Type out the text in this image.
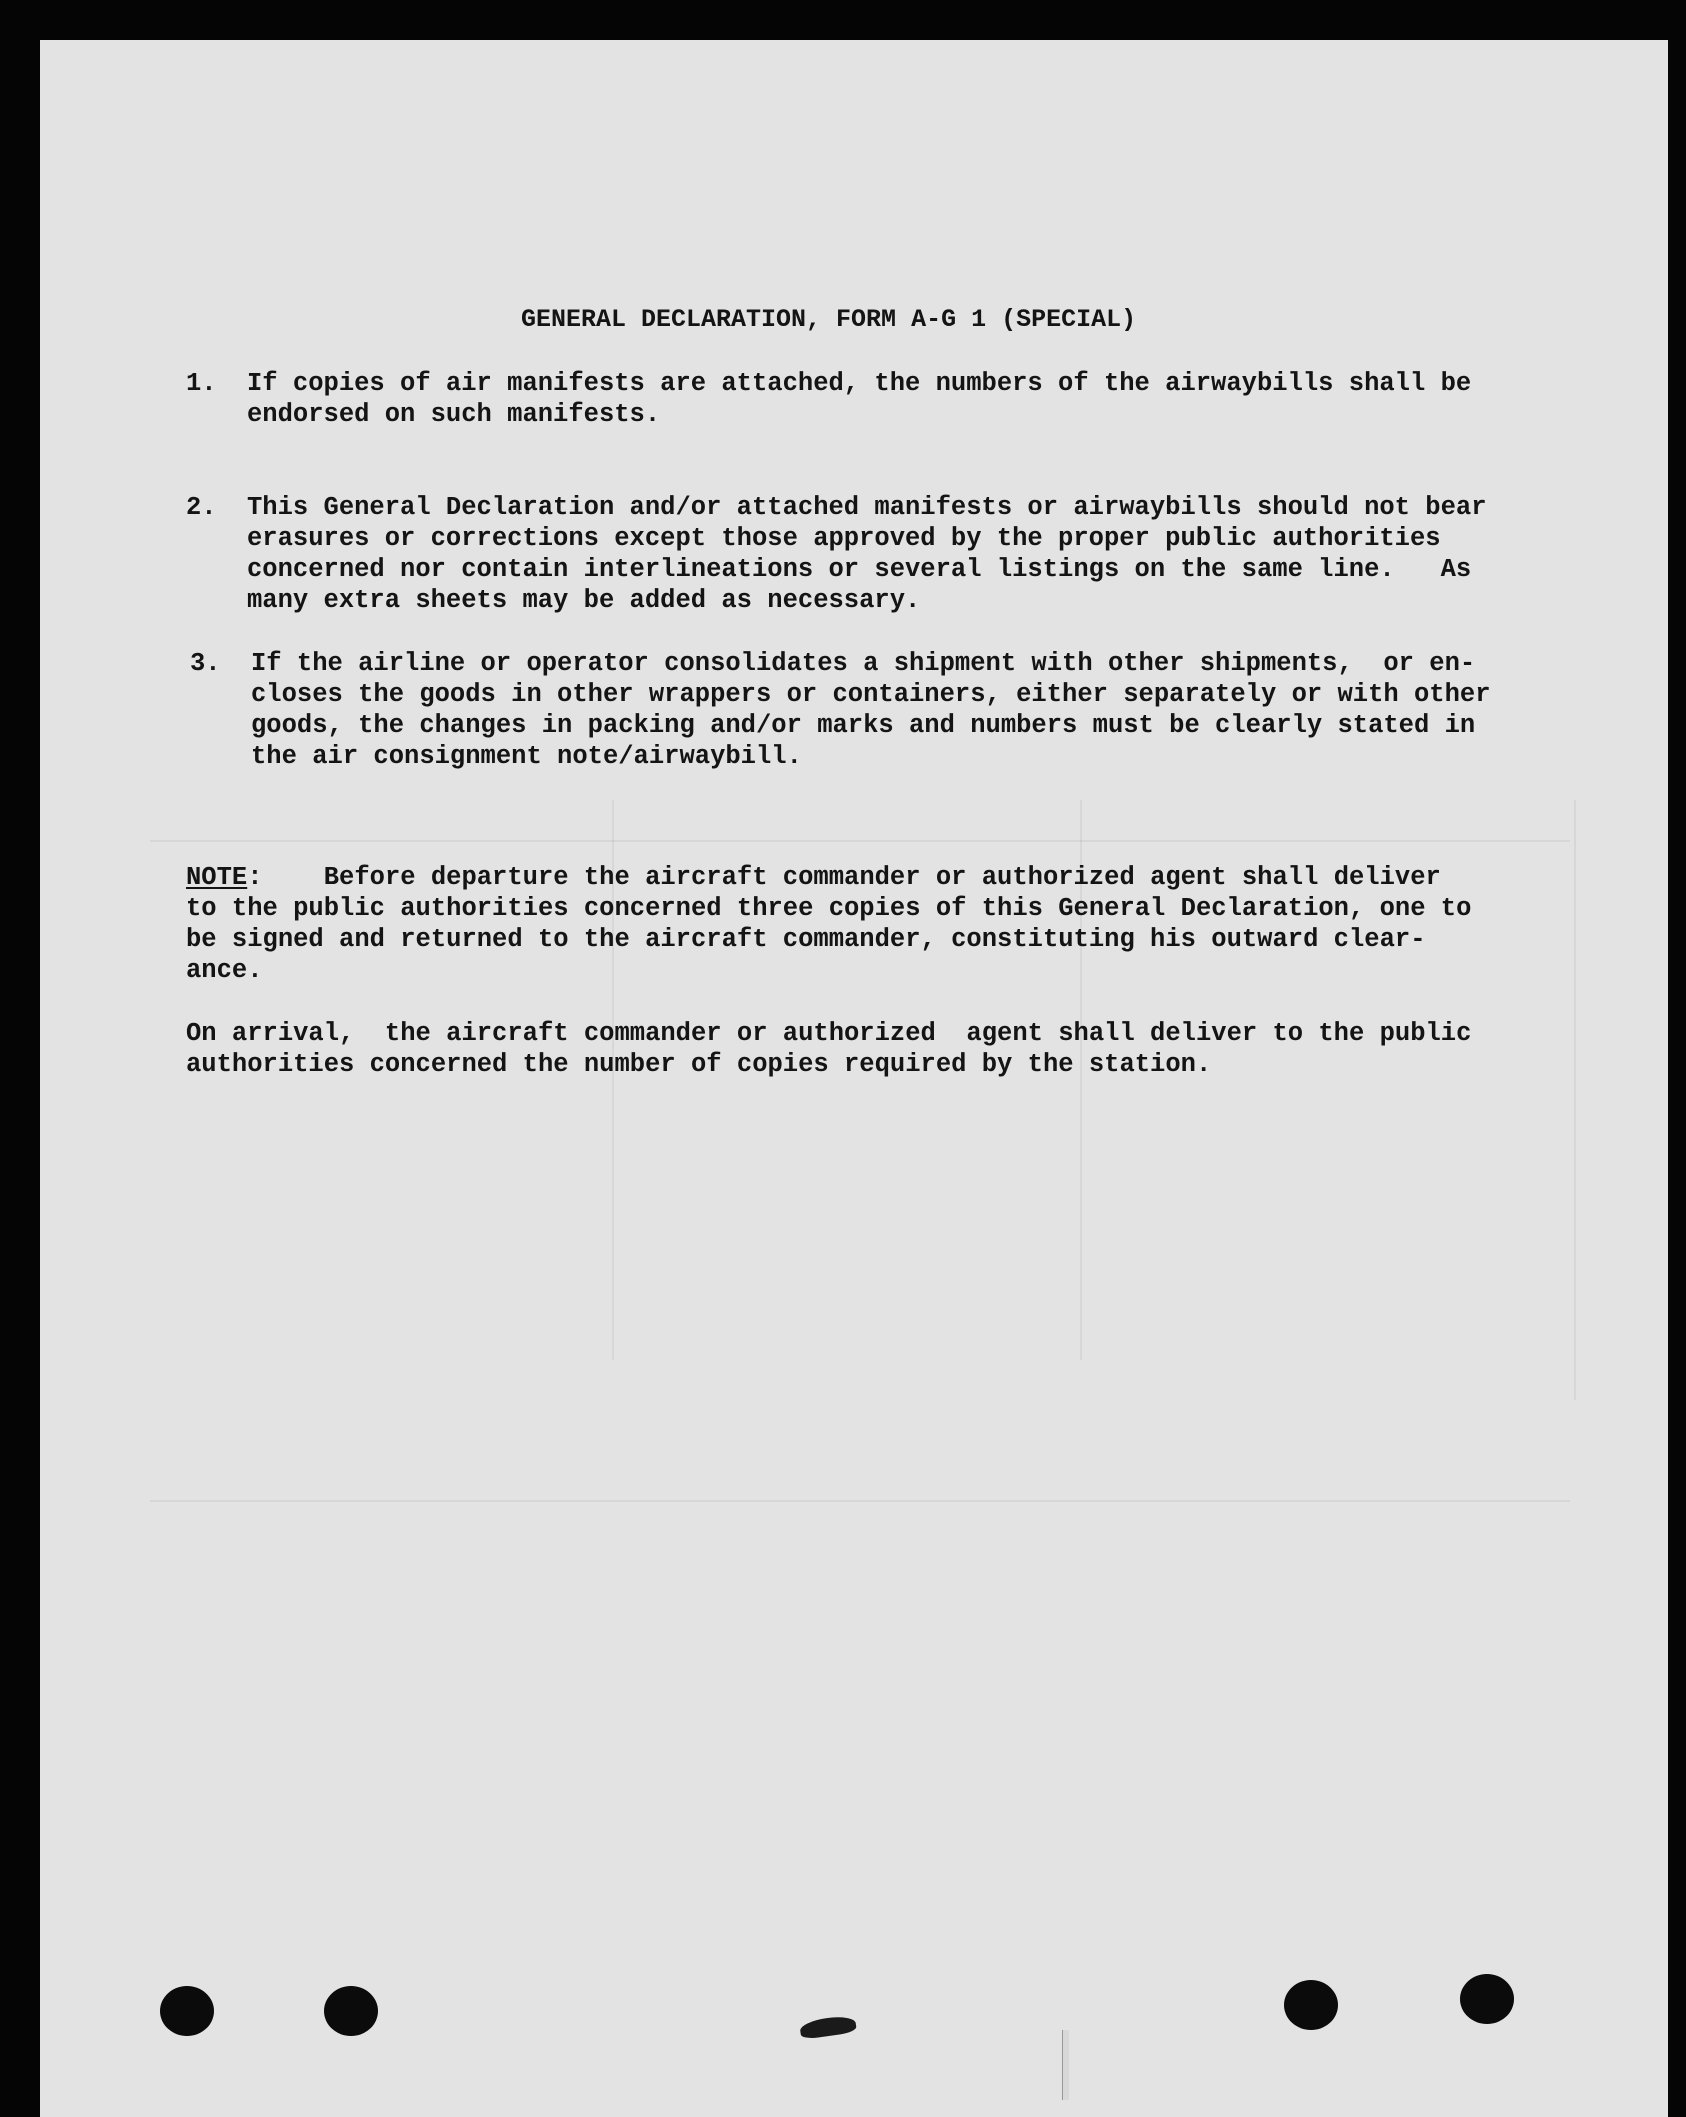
GENERAL DECLARATION, FORM A-G 1 (SPECIAL)

1.

If copies of air manifests are attached, the numbers of the airwaybills shall be

endorsed on such manifests.

2.

This General Declaration and/or attached manifests or airwaybills should not bear

erasures or corrections except those approved by the proper public authorities

concerned nor contain interlineations or several listings on the same line.   As

many extra sheets may be added as necessary.

3.

If the airline or operator consolidates a shipment with other shipments,  or en-

closes the goods in other wrappers or containers, either separately or with other

goods, the changes in packing and/or marks and numbers must be clearly stated in

the air consignment note/airwaybill.

NOTE:    Before departure the aircraft commander or authorized agent shall deliver

to the public authorities concerned three copies of this General Declaration, one to

be signed and returned to the aircraft commander, constituting his outward clear-

ance.

On arrival,  the aircraft commander or authorized  agent shall deliver to the public

authorities concerned the number of copies required by the station.
